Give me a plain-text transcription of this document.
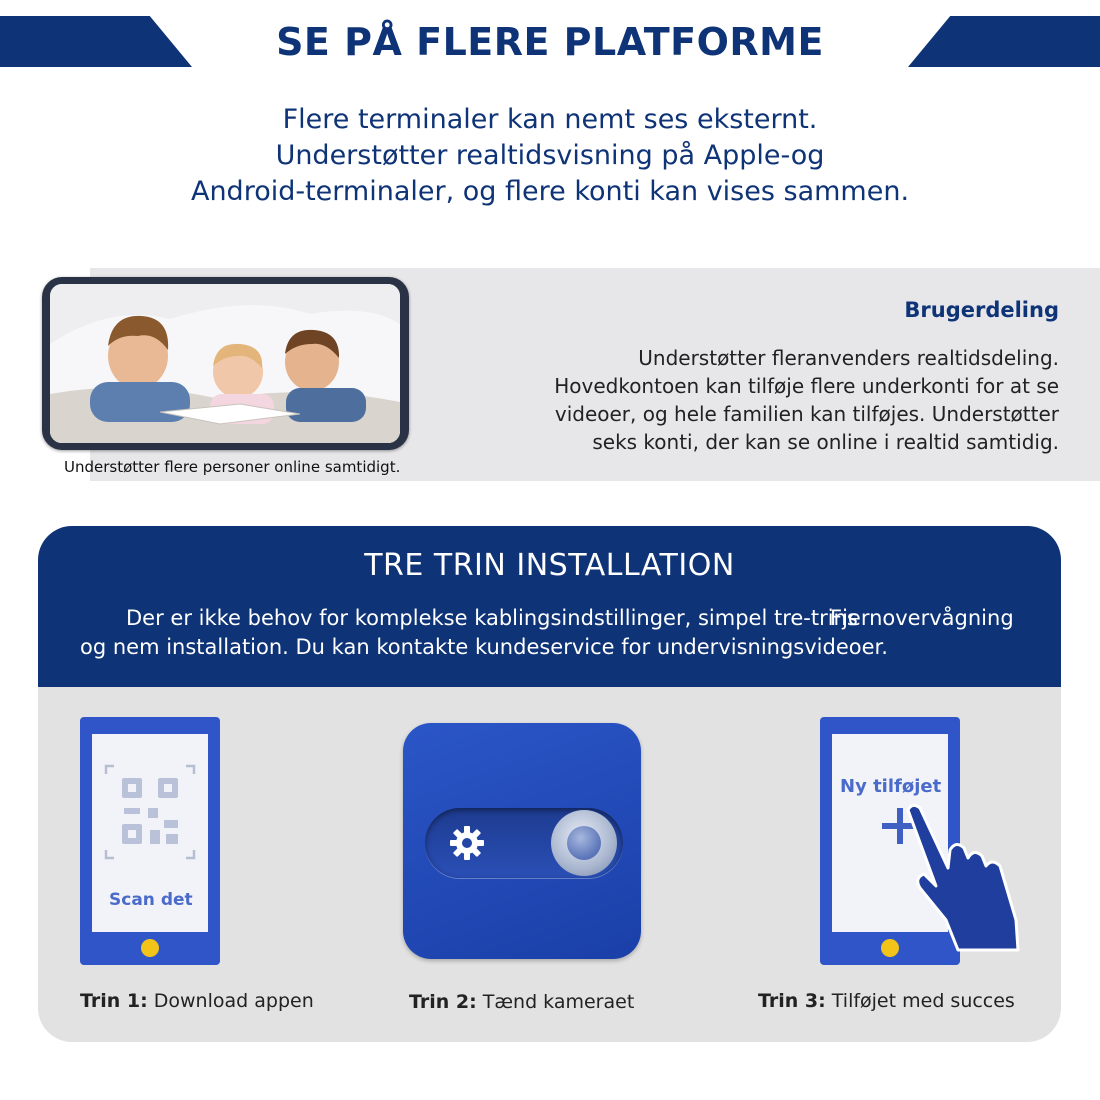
SE PÅ FLERE PLATFORME
Flere terminaler kan nemt ses eksternt.
Understøtter realtidsvisning på Apple-og
Android-terminaler, og flere konti kan vises sammen.
Understøtter flere personer online samtidigt.
Brugerdeling
Understøtter fleranvenders realtidsdeling.
Hovedkontoen kan tilføje flere underkonti for at se
videoer, og hele familien kan tilføjes. Understøtter
seks konti, der kan se online i realtid samtidig.
TRE TRIN INSTALLATION
Der er ikke behov for komplekse kablingsindstillinger, simpel tre-trins
og nem installation. Du kan kontakte kundeservice for undervisningsvideoer.
Fjernovervågning
Scan det
Ny tilføjet
Trin 1: Download appen	Trin 2: Tænd kameraet	Trin 3: Tilføjet med succes
